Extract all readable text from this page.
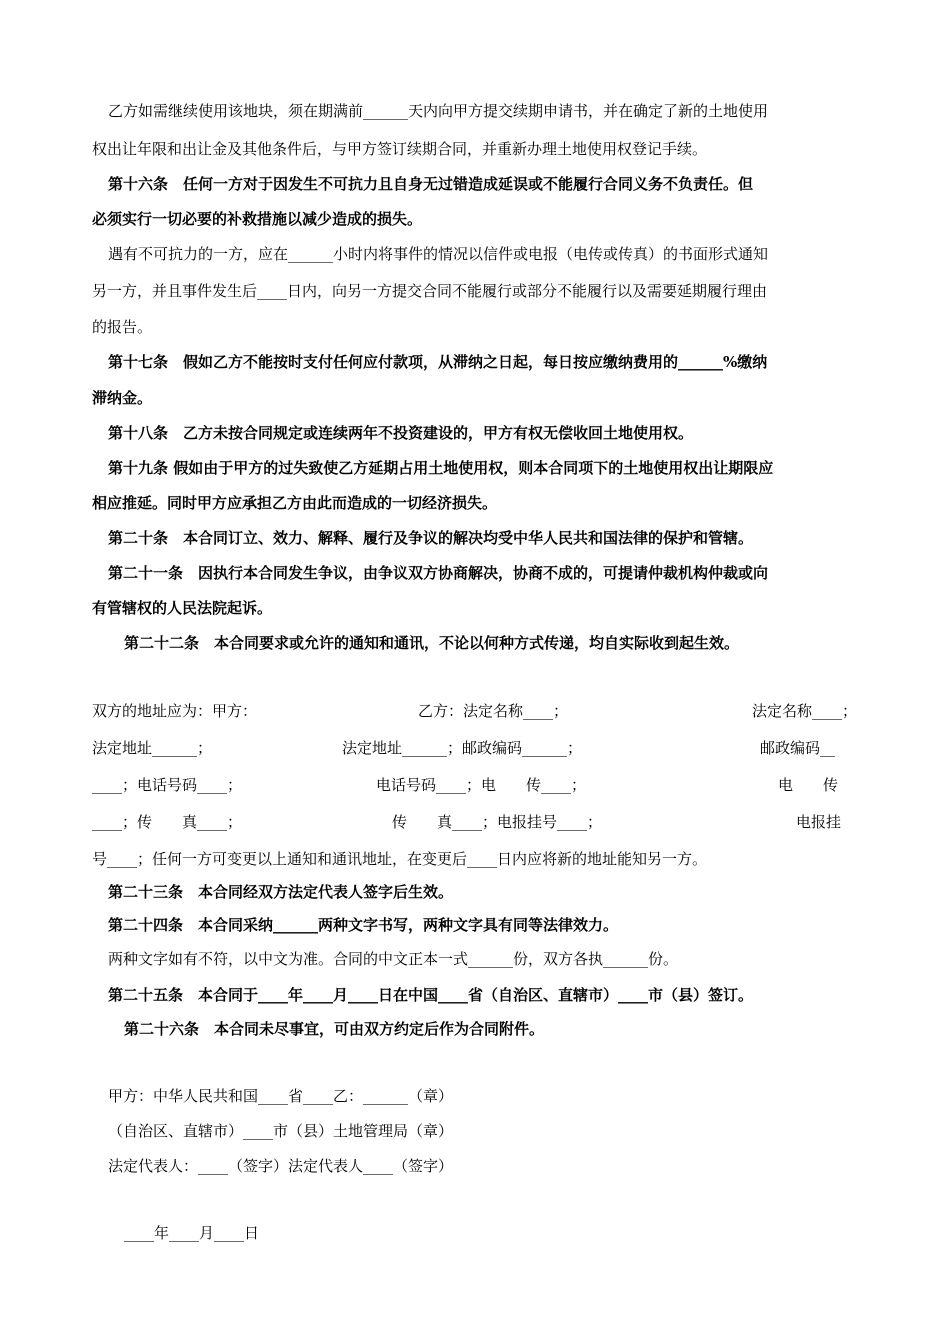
乙方如需继续使用该地块，须在期满前______天内向甲方提交续期申请书，并在确定了新的土地使用
权出让年限和出让金及其他条件后，与甲方签订续期合同，并重新办理土地使用权登记手续。
第十六条　任何一方对于因发生不可抗力且自身无过错造成延误或不能履行合同义务不负责任。但
必须实行一切必要的补救措施以减少造成的损失。
遇有不可抗力的一方，应在______小时内将事件的情况以信件或电报（电传或传真）的书面形式通知
另一方，并且事件发生后____日内，向另一方提交合同不能履行或部分不能履行以及需要延期履行理由
的报告。
第十七条　假如乙方不能按时支付任何应付款项，从滞纳之日起，每日按应缴纳费用的______%缴纳
滞纳金。
第十八条　乙方未按合同规定或连续两年不投资建设的，甲方有权无偿收回土地使用权。
第十九条 假如由于甲方的过失致使乙方延期占用土地使用权，则本合同项下的土地使用权出让期限应
相应推延。同时甲方应承担乙方由此而造成的一切经济损失。
第二十条　本合同订立、效力、解释、履行及争议的解决均受中华人民共和国法律的保护和管辖。
第二十一条　因执行本合同发生争议，由争议双方协商解决，协商不成的，可提请仲裁机构仲裁或向
有管辖权的人民法院起诉。
第二十二条　本合同要求或允许的通知和通讯，不论以何种方式传递，均自实际收到起生效。
双方的地址应为：甲方：	乙方：法定名称____；	法定名称____；
法定地址______；	法定地址______；邮政编码______；	邮政编码__
____；电话号码____；	电话号码____；电　　传____；	电　　传
____；传　　真____；	传　　真____；电报挂号____；	电报挂
号____；任何一方可变更以上通知和通讯地址，在变更后____日内应将新的地址能知另一方。
第二十三条　本合同经双方法定代表人签字后生效。
第二十四条　本合同采纳______两种文字书写，两种文字具有同等法律效力。
两种文字如有不符，以中文为准。合同的中文正本一式______份，双方各执______份。
第二十五条　本合同于____年____月____日在中国____省（自治区、直辖市）____市（县）签订。
第二十六条　本合同未尽事宜，可由双方约定后作为合同附件。
甲方：中华人民共和国____省____乙：______（章）
（自治区、直辖市）____市（县）土地管理局（章）
法定代表人：____（签字）法定代表人____（签字）
____年____月____日
